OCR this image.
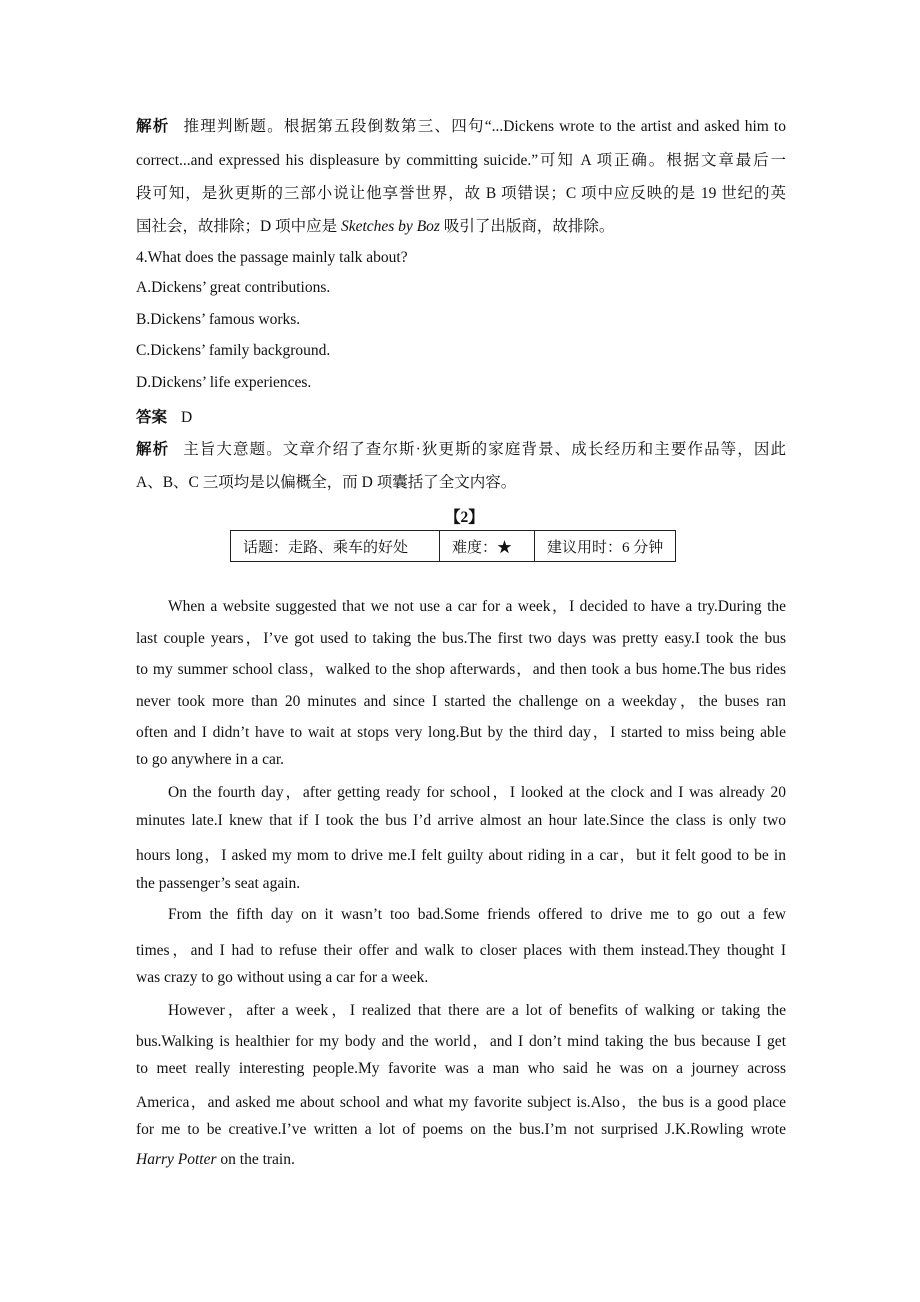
解析 推理判断题。根据第五段倒数第三、四句“...Dickens wrote to the artist and asked him to
correct...and expressed his displeasure by committing suicide.”可知 A 项正确。根据文章最后一
段可知，是狄更斯的三部小说让他享誉世界，故 B 项错误；C 项中应反映的是 19 世纪的英
国社会，故排除；D 项中应是 Sketches by Boz 吸引了出版商，故排除。
4.What does the passage mainly talk about?
A.Dickens’ great contributions.
B.Dickens’ famous works.
C.Dickens’ family background.
D.Dickens’ life experiences.
答案 D
解析 主旨大意题。文章介绍了查尔斯·狄更斯的家庭背景、成长经历和主要作品等，因此
A、B、C 三项均是以偏概全，而 D 项囊括了全文内容。
【2】
话题：走路、乘车的好处	难度：★	建议用时：6 分钟
When a website suggested that we not use a car for a week，I decided to have a try.During the
last couple years，I’ve got used to taking the bus.The first two days was pretty easy.I took the bus
to my summer school class，walked to the shop afterwards，and then took a bus home.The bus rides
never took more than 20 minutes and since I started the challenge on a weekday，the buses ran
often and I didn’t have to wait at stops very long.But by the third day，I started to miss being able
to go anywhere in a car.
On the fourth day，after getting ready for school，I looked at the clock and I was already 20
minutes late.I knew that if I took the bus I’d arrive almost an hour late.Since the class is only two
hours long，I asked my mom to drive me.I felt guilty about riding in a car，but it felt good to be in
the passenger’s seat again.
From the fifth day on it wasn’t too bad.Some friends offered to drive me to go out a few
times，and I had to refuse their offer and walk to closer places with them instead.They thought I
was crazy to go without using a car for a week.
However，after a week，I realized that there are a lot of benefits of walking or taking the
bus.Walking is healthier for my body and the world，and I don’t mind taking the bus because I get
to meet really interesting people.My favorite was a man who said he was on a journey across
America，and asked me about school and what my favorite subject is.Also，the bus is a good place
for me to be creative.I’ve written a lot of poems on the bus.I’m not surprised J.K.Rowling wrote
Harry Potter on the train.
